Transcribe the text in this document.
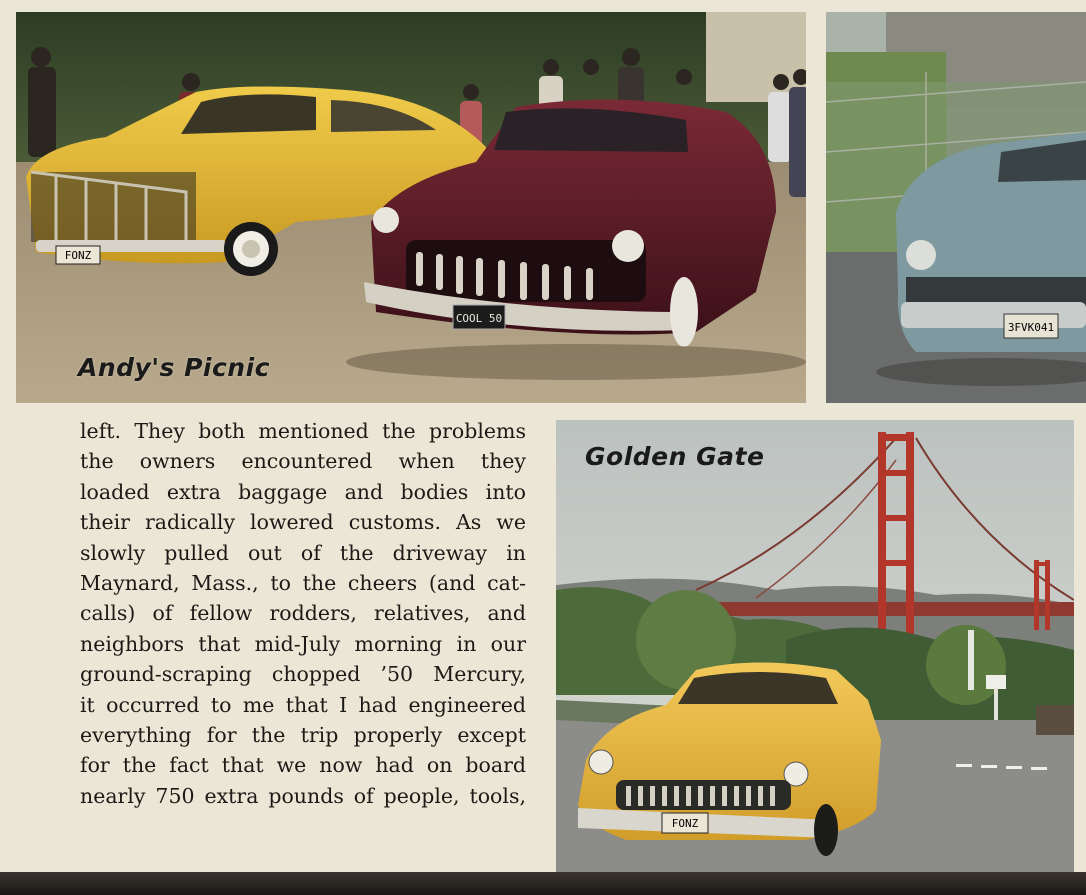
FONZ
COOL 50
Andy's Picnic
3FVK041
left. They both mentioned the problems
the owners encountered when they
loaded extra baggage and bodies into
their radically lowered customs. As we
slowly pulled out of the driveway in
Maynard, Mass., to the cheers (and cat-
calls) of fellow rodders, relatives, and
neighbors that mid-July morning in our
ground-scraping chopped ’50 Mercury,
it occurred to me that I had engineered
everything for the trip properly except
for the fact that we now had on board
nearly 750 extra pounds of people, tools,
FONZ
Golden Gate
